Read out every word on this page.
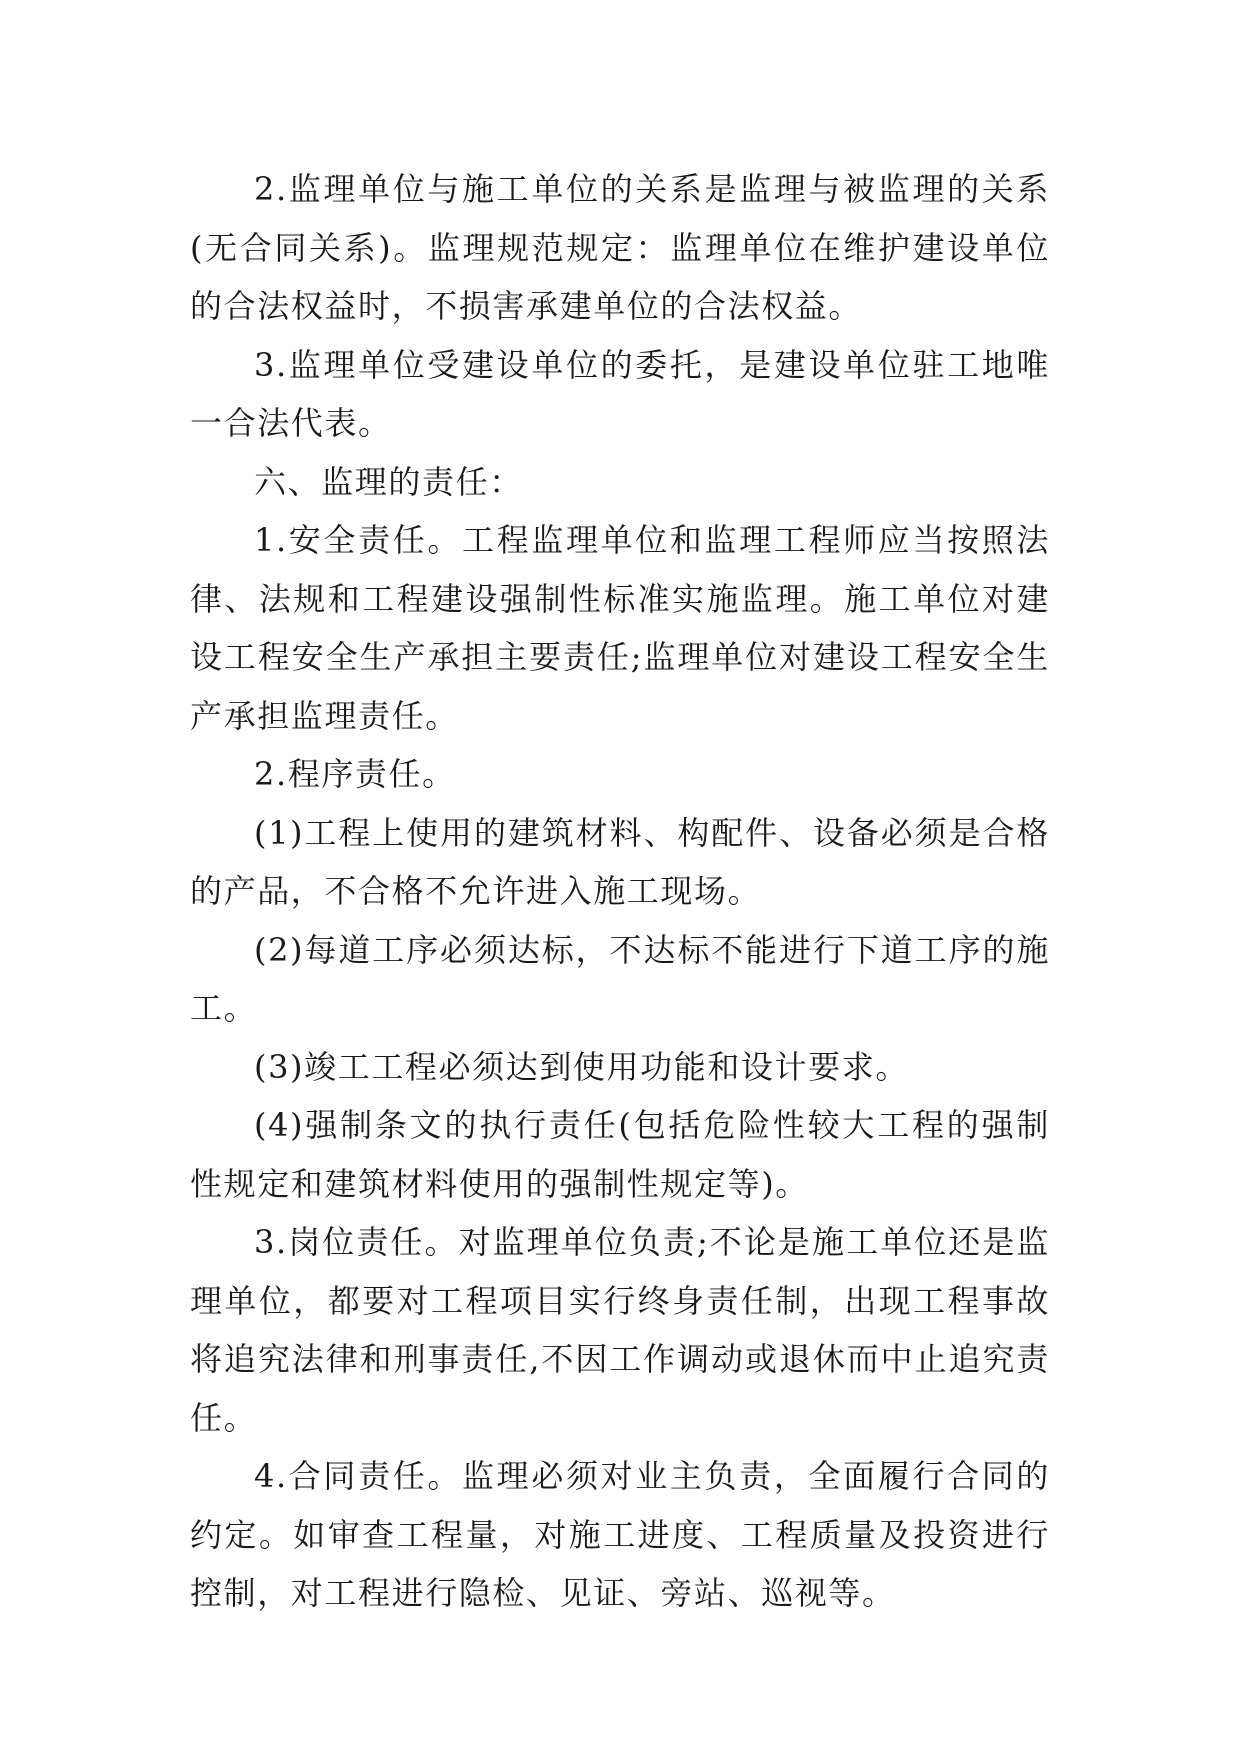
2.监理单位与施工单位的关系是监理与被监理的关系(无合同关系)。监理规范规定：监理单位在维护建设单位的合法权益时，不损害承建单位的合法权益。

3.监理单位受建设单位的委托，是建设单位驻工地唯一合法代表。

六、监理的责任：

1.安全责任。工程监理单位和监理工程师应当按照法律、法规和工程建设强制性标准实施监理。施工单位对建设工程安全生产承担主要责任;监理单位对建设工程安全生产承担监理责任。

2.程序责任。

(1)工程上使用的建筑材料、构配件、设备必须是合格的产品，不合格不允许进入施工现场。

(2)每道工序必须达标，不达标不能进行下道工序的施工。

(3)竣工工程必须达到使用功能和设计要求。

(4)强制条文的执行责任(包括危险性较大工程的强制性规定和建筑材料使用的强制性规定等)。

3.岗位责任。对监理单位负责;不论是施工单位还是监理单位，都要对工程项目实行终身责任制，出现工程事故将追究法律和刑事责任,不因工作调动或退休而中止追究责任。

4.合同责任。监理必须对业主负责，全面履行合同的约定。如审查工程量，对施工进度、工程质量及投资进行控制，对工程进行隐检、见证、旁站、巡视等。
